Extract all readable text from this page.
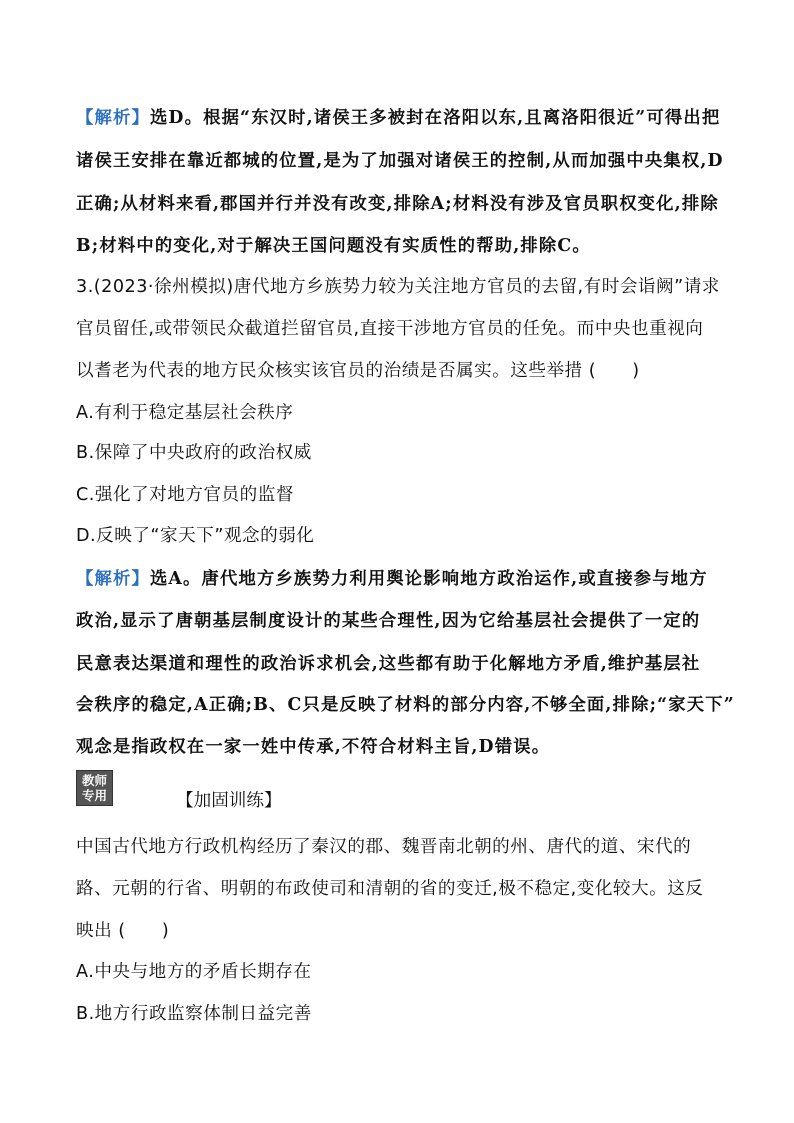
【解析】选D。根据“东汉时,诸侯王多被封在洛阳以东,且离洛阳很近”可得出把
诸侯王安排在靠近都城的位置,是为了加强对诸侯王的控制,从而加强中央集权,D
正确;从材料来看,郡国并行并没有改变,排除A;材料没有涉及官员职权变化,排除
B;材料中的变化,对于解决王国问题没有实质性的帮助,排除C。
3.(2023·徐州模拟)唐代地方乡族势力较为关注地方官员的去留,有时会诣阙”请求
官员留任,或带领民众截道拦留官员,直接干涉地方官员的任免。而中央也重视向
以耆老为代表的地方民众核实该官员的治绩是否属实。这些举措 (　　)
A.有利于稳定基层社会秩序
B.保障了中央政府的政治权威
C.强化了对地方官员的监督
D.反映了“家天下”观念的弱化
【解析】选A。唐代地方乡族势力利用舆论影响地方政治运作,或直接参与地方
政治,显示了唐朝基层制度设计的某些合理性,因为它给基层社会提供了一定的
民意表达渠道和理性的政治诉求机会,这些都有助于化解地方矛盾,维护基层社
会秩序的稳定,A正确;B、C只是反映了材料的部分内容,不够全面,排除;“家天下”
观念是指政权在一家一姓中传承,不符合材料主旨,D错误。
教师
专用	【加固训练】
中国古代地方行政机构经历了秦汉的郡、魏晋南北朝的州、唐代的道、宋代的
路、元朝的行省、明朝的布政使司和清朝的省的变迁,极不稳定,变化较大。这反
映出 (　　)
A.中央与地方的矛盾长期存在
B.地方行政监察体制日益完善
